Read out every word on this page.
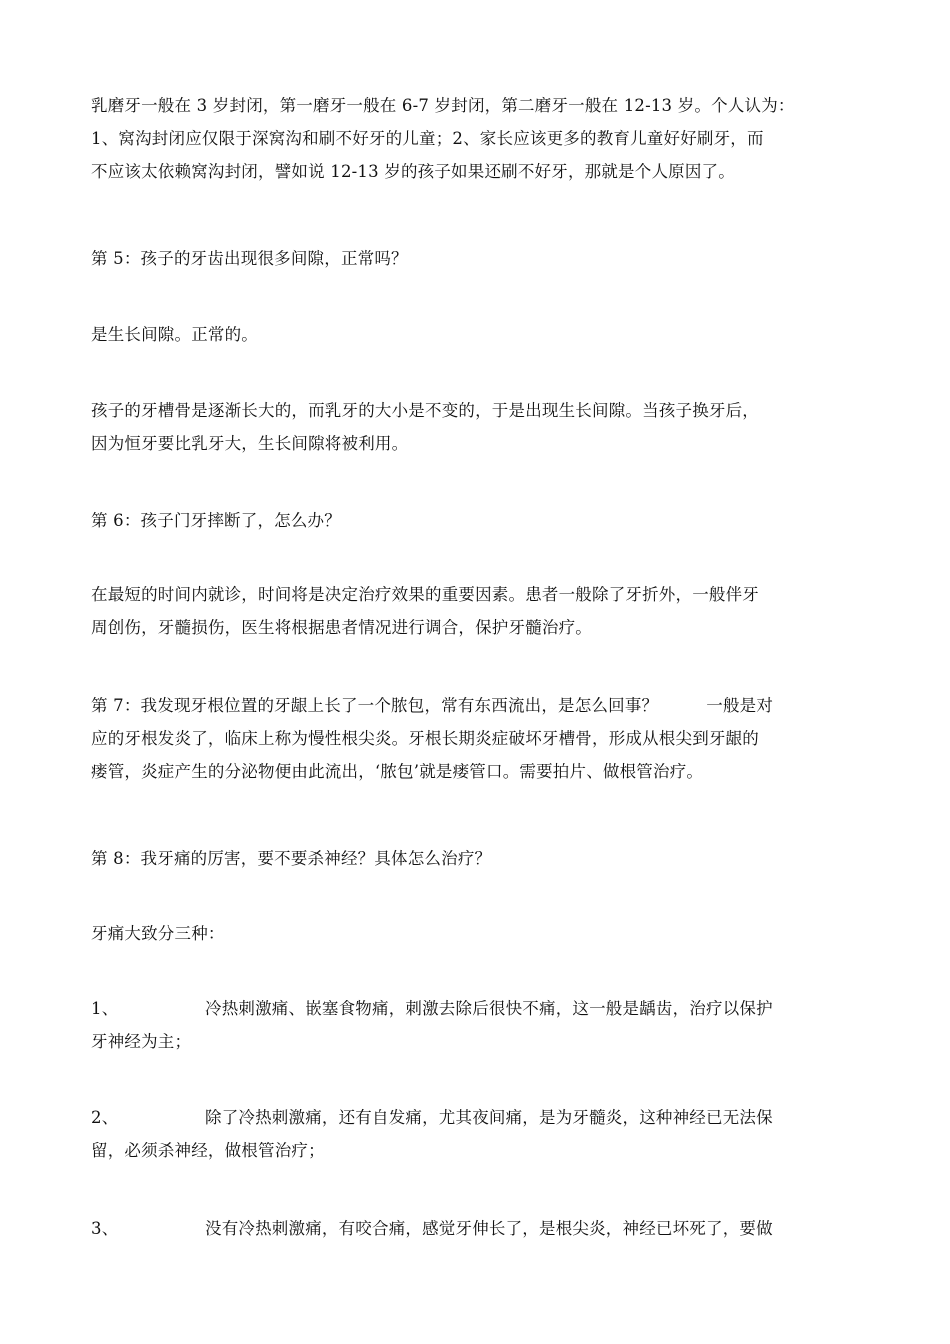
乳磨牙一般在 3 岁封闭，第一磨牙一般在 6-7 岁封闭，第二磨牙一般在 12-13 岁。个人认为：
1、窝沟封闭应仅限于深窝沟和刷不好牙的儿童；2、家长应该更多的教育儿童好好刷牙，而
不应该太依赖窝沟封闭，譬如说 12-13 岁的孩子如果还刷不好牙，那就是个人原因了。
第 5：孩子的牙齿出现很多间隙，正常吗？
是生长间隙。正常的。
孩子的牙槽骨是逐渐长大的，而乳牙的大小是不变的，于是出现生长间隙。当孩子换牙后，
因为恒牙要比乳牙大，生长间隙将被利用。
第 6：孩子门牙摔断了，怎么办？
在最短的时间内就诊，时间将是决定治疗效果的重要因素。患者一般除了牙折外，一般伴牙
周创伤，牙髓损伤，医生将根据患者情况进行调合，保护牙髓治疗。
第 7：我发现牙根位置的牙龈上长了一个脓包，常有东西流出，是怎么回事？	一般是对
应的牙根发炎了，临床上称为慢性根尖炎。牙根长期炎症破坏牙槽骨，形成从根尖到牙龈的
瘘管，炎症产生的分泌物便由此流出，‘脓包’就是瘘管口。需要拍片、做根管治疗。
第 8：我牙痛的厉害，要不要杀神经？具体怎么治疗？
牙痛大致分三种：
1、	冷热刺激痛、嵌塞食物痛，刺激去除后很快不痛，这一般是龋齿，治疗以保护
牙神经为主；
2、	除了冷热刺激痛，还有自发痛，尤其夜间痛，是为牙髓炎，这种神经已无法保
留，必须杀神经，做根管治疗；
3、	没有冷热刺激痛，有咬合痛，感觉牙伸长了，是根尖炎，神经已坏死了，要做
